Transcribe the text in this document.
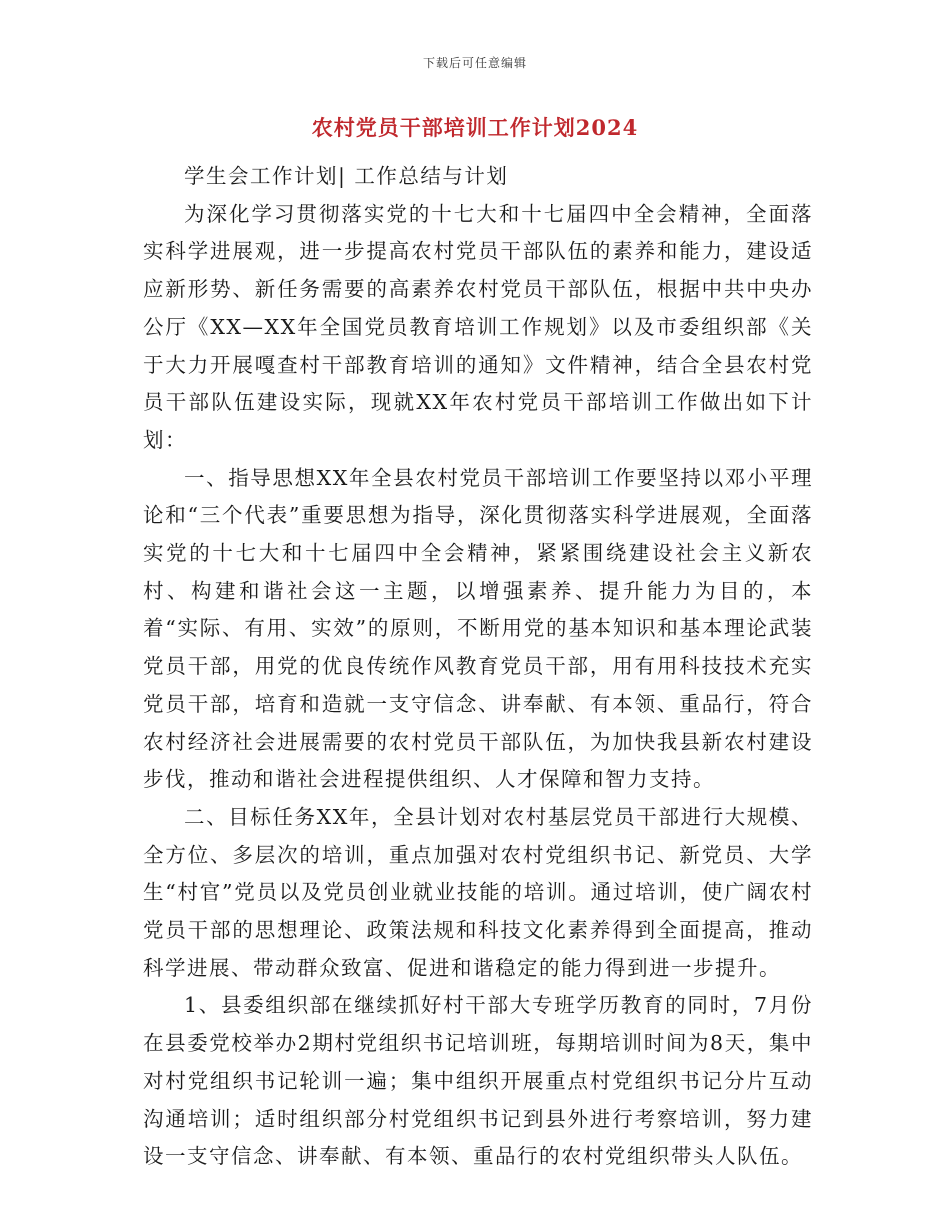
下载后可任意编辑
农村党员干部培训工作计划2024

学生会工作计划| 工作总结与计划

为深化学习贯彻落实党的十七大和十七届四中全会精神，全面落实科学进展观，进一步提高农村党员干部队伍的素养和能力，建设适应新形势、新任务需要的高素养农村党员干部队伍，根据中共中央办公厅《XX—XX年全国党员教育培训工作规划》以及市委组织部《关于大力开展嘎查村干部教育培训的通知》文件精神，结合全县农村党员干部队伍建设实际，现就XX年农村党员干部培训工作做出如下计划：

一、指导思想XX年全县农村党员干部培训工作要坚持以邓小平理论和“三个代表”重要思想为指导，深化贯彻落实科学进展观，全面落实党的十七大和十七届四中全会精神，紧紧围绕建设社会主义新农村、构建和谐社会这一主题，以增强素养、提升能力为目的，本着“实际、有用、实效”的原则，不断用党的基本知识和基本理论武装党员干部，用党的优良传统作风教育党员干部，用有用科技技术充实党员干部，培育和造就一支守信念、讲奉献、有本领、重品行，符合农村经济社会进展需要的农村党员干部队伍，为加快我县新农村建设步伐，推动和谐社会进程提供组织、人才保障和智力支持。

二、目标任务XX年，全县计划对农村基层党员干部进行大规模、全方位、多层次的培训，重点加强对农村党组织书记、新党员、大学生“村官”党员以及党员创业就业技能的培训。通过培训，使广阔农村党员干部的思想理论、政策法规和科技文化素养得到全面提高，推动科学进展、带动群众致富、促进和谐稳定的能力得到进一步提升。

1、县委组织部在继续抓好村干部大专班学历教育的同时，7月份在县委党校举办2期村党组织书记培训班，每期培训时间为8天，集中对村党组织书记轮训一遍；集中组织开展重点村党组织书记分片互动沟通培训；适时组织部分村党组织书记到县外进行考察培训，努力建设一支守信念、讲奉献、有本领、重品行的农村党组织带头人队伍。
